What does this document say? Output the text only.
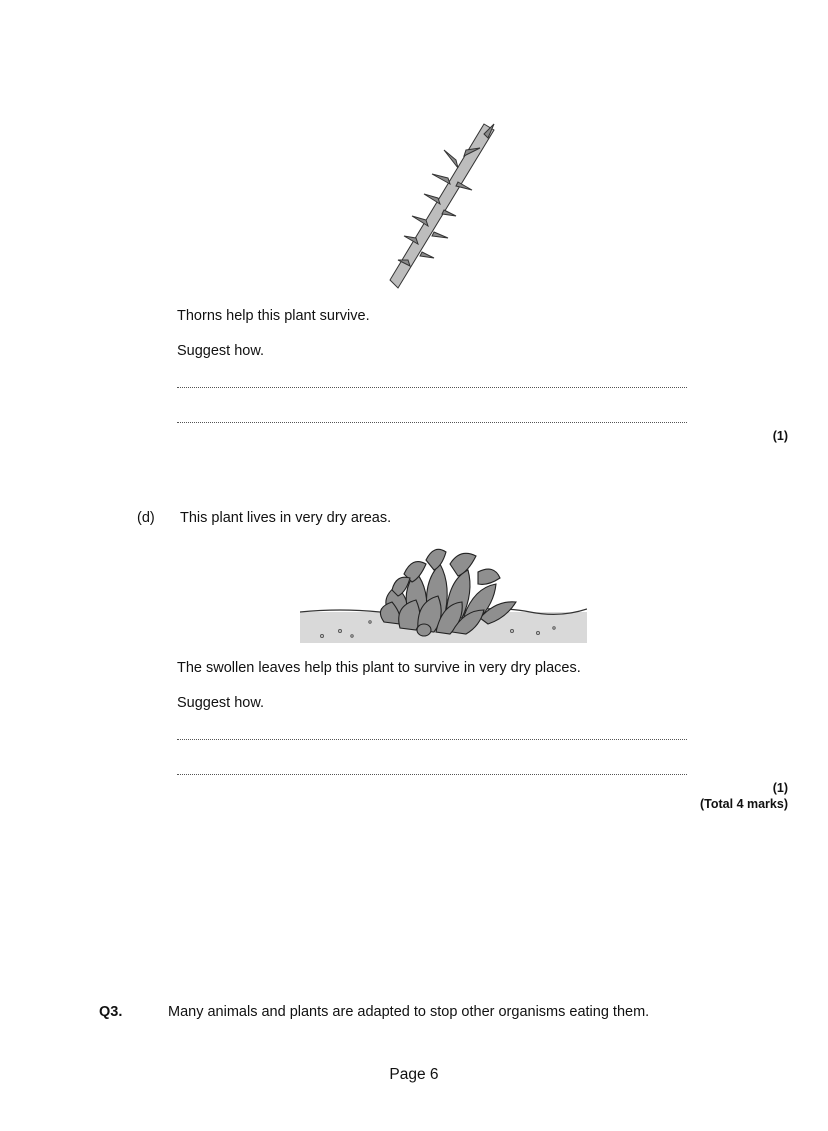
Thorns help this plant survive.
Suggest how.
(1)
(d) This plant lives in very dry areas.
The swollen leaves help this plant to survive in very dry places.
Suggest how.
(1)
(Total 4 marks)
Q3.	Many animals and plants are adapted to stop other organisms eating them.
Page 6
